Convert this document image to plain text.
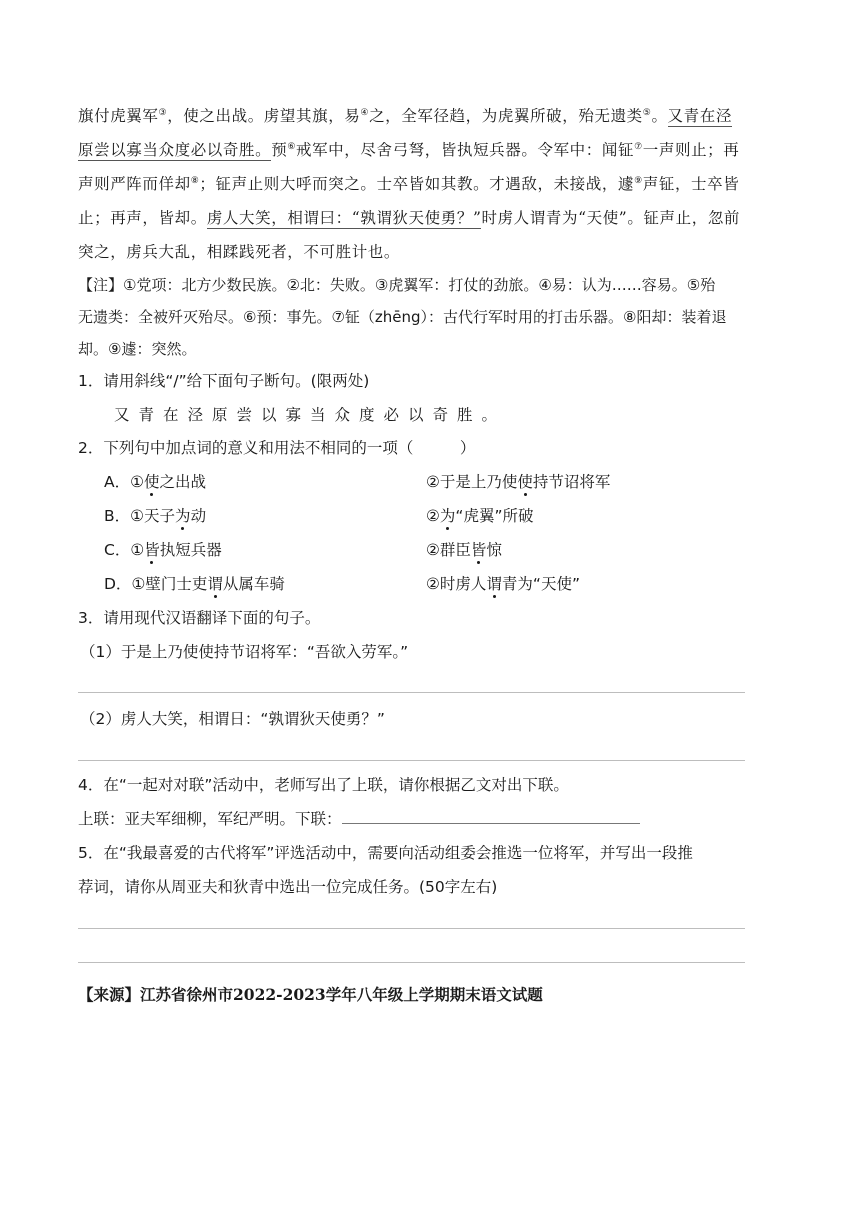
旗付虎翼军③，使之出战。虏望其旗，易④之，全军径趋，为虎翼所破，殆无遗类⑤。又青在泾
原尝以寡当众度必以奇胜。预⑥戒军中，尽舍弓弩，皆执短兵器。令军中：闻钲⑦一声则止；再
声则严阵而佯却⑧；钲声止则大呼而突之。士卒皆如其教。才遇敌，未接战，遽⑨声钲，士卒皆
止；再声，皆却。虏人大笑，相谓曰：“孰谓狄天使勇？”时虏人谓青为“天使”。钲声止，忽前
突之，虏兵大乱，相蹂践死者，不可胜计也。
【注】①党项：北方少数民族。②北：失败。③虎翼军：打仗的劲旅。④易：认为……容易。⑤殆
无遗类：全被歼灭殆尽。⑥预：事先。⑦钲（zhēng）：古代行军时用的打击乐器。⑧阳却：装着退
却。⑨遽：突然。
1．请用斜线“/”给下面句子断句。(限两处)
又青在泾原尝以寡当众度必以奇胜。
2．下列句中加点词的意义和用法不相同的一项（　　　）
A．①使之出战	②于是上乃使使持节诏将军
B．①天子为动	②为“虎翼”所破
C．①皆执短兵器	②群臣皆惊
D．①壁门士吏谓从属车骑	②时虏人谓青为“天使”
3．请用现代汉语翻译下面的句子。
（1）于是上乃使使持节诏将军：“吾欲入劳军。”
（2）虏人大笑，相谓日：“孰谓狄天使勇？”
4．在“一起对对联”活动中，老师写出了上联，请你根据乙文对出下联。
上联：亚夫军细柳，军纪严明。下联：
5．在“我最喜爱的古代将军”评选活动中，需要向活动组委会推选一位将军，并写出一段推
荐词，请你从周亚夫和狄青中选出一位完成任务。(50字左右)
【来源】江苏省徐州市2022-2023学年八年级上学期期末语文试题
